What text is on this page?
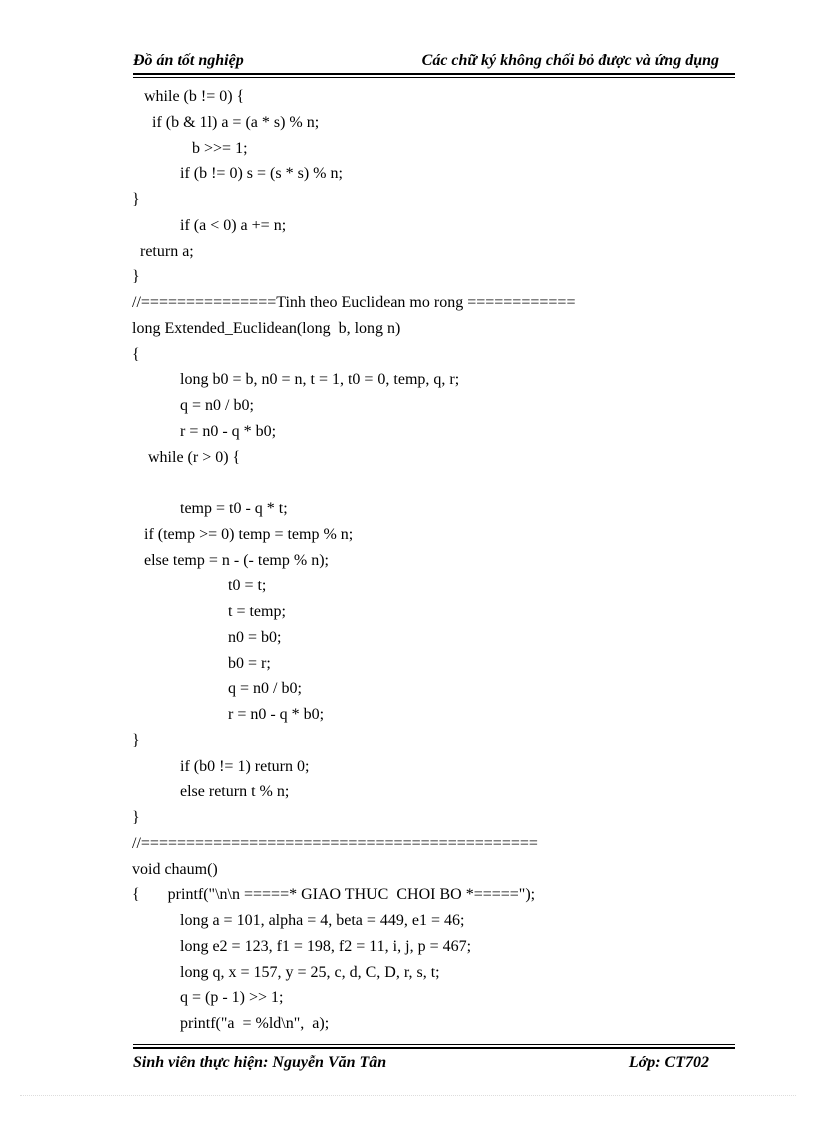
Đồ án tốt nghiệp	Các chữ ký không chối bỏ được và ứng dụng
while (b != 0) {
if (b & 1l) a = (a * s) % n;
b >>= 1;
if (b != 0) s = (s * s) % n;
}
if (a < 0) a += n;
return a;
}
//===============Tinh theo Euclidean mo rong ============
long Extended_Euclidean(long  b, long n)
{
long b0 = b, n0 = n, t = 1, t0 = 0, temp, q, r;
q = n0 / b0;
r = n0 - q * b0;
while (r > 0) {
temp = t0 - q * t;
if (temp >= 0) temp = temp % n;
else temp = n - (- temp % n);
t0 = t;
t = temp;
n0 = b0;
b0 = r;
q = n0 / b0;
r = n0 - q * b0;
}
if (b0 != 1) return 0;
else return t % n;
}
//============================================
void chaum()
{       printf("\n\n =====* GIAO THUC  CHOI BO *=====");
long a = 101, alpha = 4, beta = 449, e1 = 46;
long e2 = 123, f1 = 198, f2 = 11, i, j, p = 467;
long q, x = 157, y = 25, c, d, C, D, r, s, t;
q = (p - 1) >> 1;
printf("a  = %ld\n",  a);
Sinh viên thực hiện: Nguyễn Văn Tân	Lớp: CT702
